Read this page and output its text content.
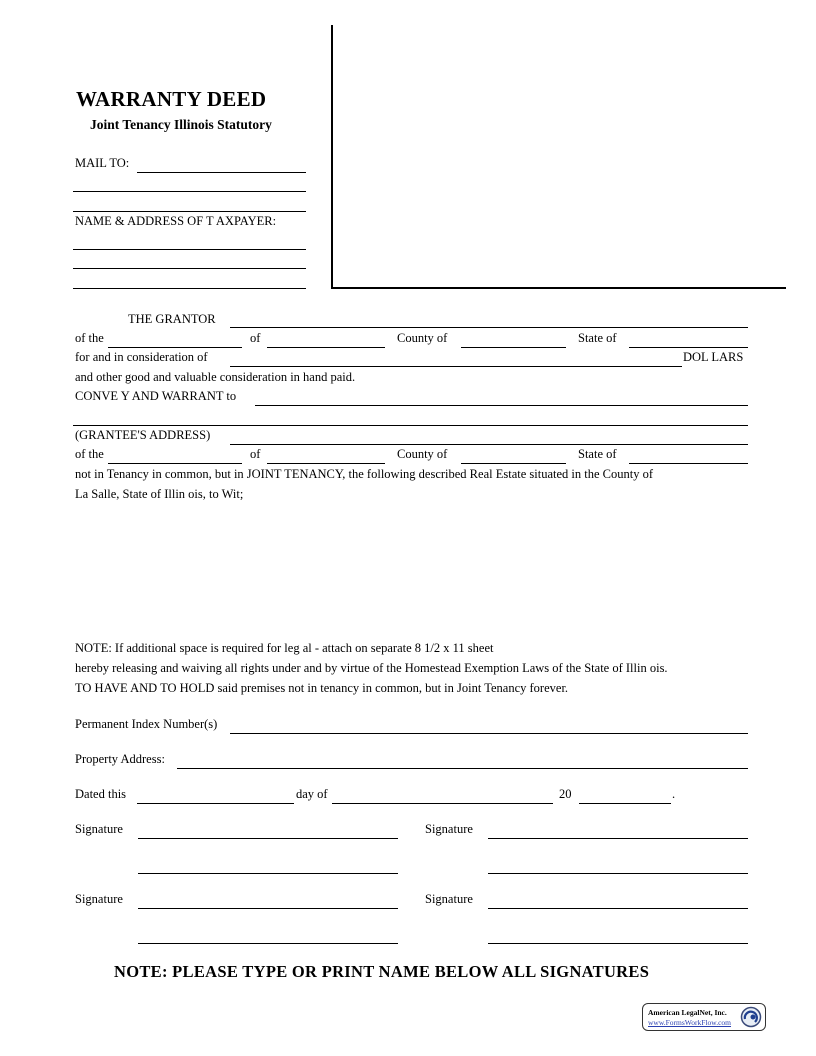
WARRANTY DEED
Joint Tenancy Illinois Statutory
MAIL TO:
NAME & ADDRESS OF T AXPAYER:
THE GRANTOR
of the	of	County of	State of
for and in consideration of	DOL LARS
and other good and valuable consideration in hand paid.
CONVE Y AND WARRANT to
(GRANTEE'S ADDRESS)
of the	of	County of	State of
not in Tenancy in common, but in JOINT TENANCY, the following described Real Estate situated in the County of
La Salle, State of Illin ois, to Wit;
NOTE: If additional space is required for leg al - attach on separate 8 1/2 x 11 sheet
hereby releasing and waiving all rights under and by virtue of the Homestead Exemption Laws of the State of Illin ois.
TO HAVE AND TO HOLD said premises not in tenancy in common, but in Joint Tenancy forever.
Permanent Index Number(s)
Property Address:
Dated this	day of	20	.
Signature	Signature
Signature	Signature
NOTE: PLEASE TYPE OR PRINT NAME BELOW ALL SIGNATURES
American LegalNet, Inc.
www.FormsWorkFlow.com
